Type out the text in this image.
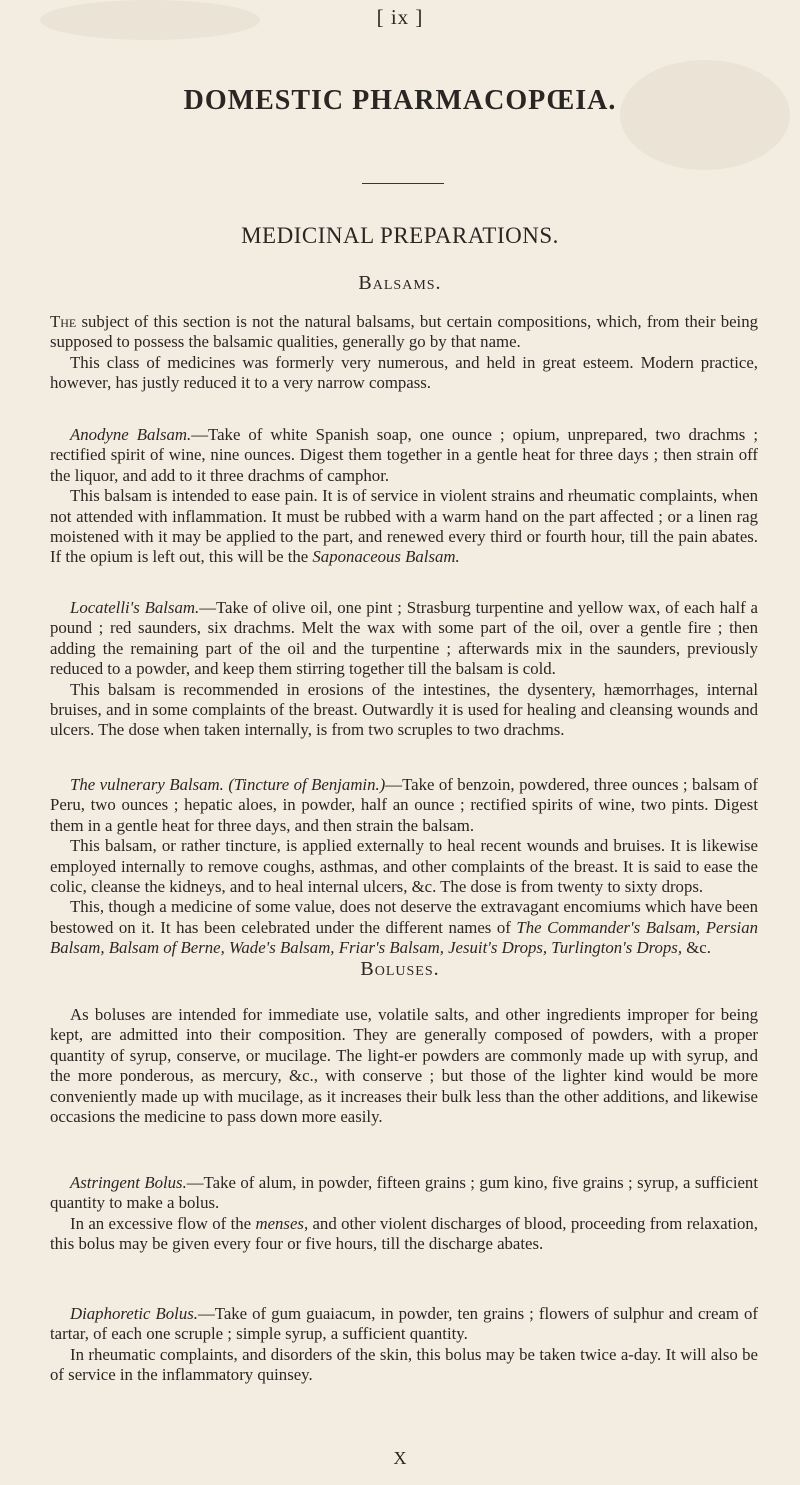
[ ix ]
DOMESTIC PHARMACOPŒIA.
MEDICINAL PREPARATIONS.
Balsams.

The subject of this section is not the natural balsams, but certain compositions, which, from their being supposed to possess the balsamic qualities, generally go by that name.

This class of medicines was formerly very numerous, and held in great esteem. Modern practice, however, has justly reduced it to a very narrow compass.

Anodyne Balsam.—Take of white Spanish soap, one ounce ; opium, unprepared, two drachms ; rectified spirit of wine, nine ounces. Digest them together in a gentle heat for three days ; then strain off the liquor, and add to it three drachms of camphor.

This balsam is intended to ease pain. It is of service in violent strains and rheumatic complaints, when not attended with inflammation. It must be rubbed with a warm hand on the part affected ; or a linen rag moistened with it may be applied to the part, and renewed every third or fourth hour, till the pain abates. If the opium is left out, this will be the Saponaceous Balsam.

Locatelli's Balsam.—Take of olive oil, one pint ; Strasburg turpentine and yellow wax, of each half a pound ; red saunders, six drachms. Melt the wax with some part of the oil, over a gentle fire ; then adding the remaining part of the oil and the turpentine ; afterwards mix in the saunders, previously reduced to a powder, and keep them stirring together till the balsam is cold.

This balsam is recommended in erosions of the intestines, the dysentery, hæmorrhages, internal bruises, and in some complaints of the breast. Outwardly it is used for healing and cleansing wounds and ulcers. The dose when taken internally, is from two scruples to two drachms.

The vulnerary Balsam. (Tincture of Benjamin.)—Take of benzoin, powdered, three ounces ; balsam of Peru, two ounces ; hepatic aloes, in powder, half an ounce ; rectified spirits of wine, two pints. Digest them in a gentle heat for three days, and then strain the balsam.

This balsam, or rather tincture, is applied externally to heal recent wounds and bruises. It is likewise employed internally to remove coughs, asthmas, and other complaints of the breast. It is said to ease the colic, cleanse the kidneys, and to heal internal ulcers, &c. The dose is from twenty to sixty drops.

This, though a medicine of some value, does not deserve the extravagant encomiums which have been bestowed on it. It has been celebrated under the different names of The Commander's Balsam, Persian Balsam, Balsam of Berne, Wade's Balsam, Friar's Balsam, Jesuit's Drops, Turlington's Drops, &c.

Boluses.

As boluses are intended for immediate use, volatile salts, and other ingredients improper for being kept, are admitted into their composition. They are generally composed of powders, with a proper quantity of syrup, conserve, or mucilage. The light-er powders are commonly made up with syrup, and the more ponderous, as mercury, &c., with conserve ; but those of the lighter kind would be more conveniently made up with mucilage, as it increases their bulk less than the other additions, and likewise occasions the medicine to pass down more easily.

Astringent Bolus.—Take of alum, in powder, fifteen grains ; gum kino, five grains ; syrup, a sufficient quantity to make a bolus.

In an excessive flow of the menses, and other violent discharges of blood, proceeding from relaxation, this bolus may be given every four or five hours, till the discharge abates.

Diaphoretic Bolus.—Take of gum guaiacum, in powder, ten grains ; flowers of sulphur and cream of tartar, of each one scruple ; simple syrup, a sufficient quantity.

In rheumatic complaints, and disorders of the skin, this bolus may be taken twice a-day. It will also be of service in the inflammatory quinsey.

X
